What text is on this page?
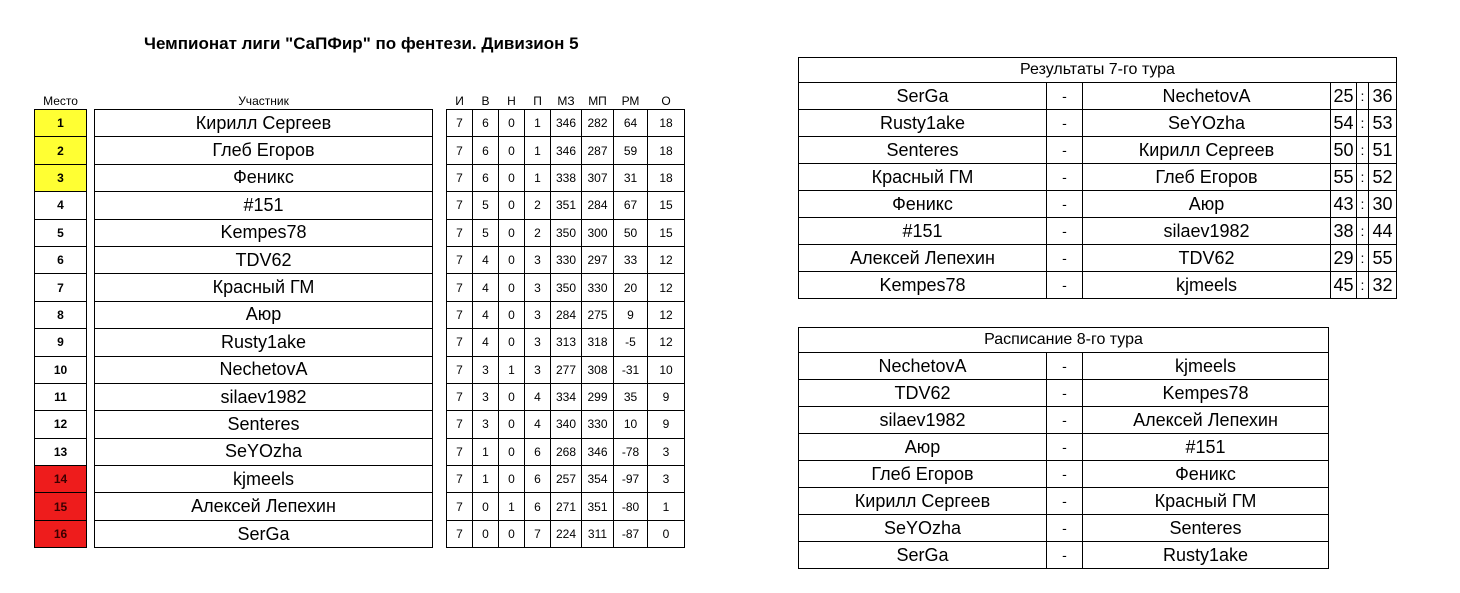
Чемпионат лиги "СаПФир" по фентези. Дивизион 5
Место		Участник		И	В	Н	П	МЗ	МП	РМ	О
1		Кирилл Сергеев		7	6	0	1	346	282	64	18
2		Глеб Егоров		7	6	0	1	346	287	59	18
3		Феникс		7	6	0	1	338	307	31	18
4		#151		7	5	0	2	351	284	67	15
5		Kempes78		7	5	0	2	350	300	50	15
6		TDV62		7	4	0	3	330	297	33	12
7		Красный ГМ		7	4	0	3	350	330	20	12
8		Аюр		7	4	0	3	284	275	9	12
9		Rusty1ake		7	4	0	3	313	318	-5	12
10		NechetovA		7	3	1	3	277	308	-31	10
11		silaev1982		7	3	0	4	334	299	35	9
12		Senteres		7	3	0	4	340	330	10	9
13		SeYOzha		7	1	0	6	268	346	-78	3
14		kjmeels		7	1	0	6	257	354	-97	3
15		Алексей Лепехин		7	0	1	6	271	351	-80	1
16		SerGa		7	0	0	7	224	311	-87	0
Результаты 7-го тура					
SerGa	-	NechetovA	25	:	36
Rusty1ake	-	SeYOzha	54	:	53
Senteres	-	Кирилл Сергеев	50	:	51
Красный ГМ	-	Глеб Егоров	55	:	52
Феникс	-	Аюр	43	:	30
#151	-	silaev1982	38	:	44
Алексей Лепехин	-	TDV62	29	:	55
Kempes78	-	kjmeels	45	:	32
Расписание 8-го тура		
NechetovA	-	kjmeels
TDV62	-	Kempes78
silaev1982	-	Алексей Лепехин
Аюр	-	#151
Глеб Егоров	-	Феникс
Кирилл Сергеев	-	Красный ГМ
SeYOzha	-	Senteres
SerGa	-	Rusty1ake
